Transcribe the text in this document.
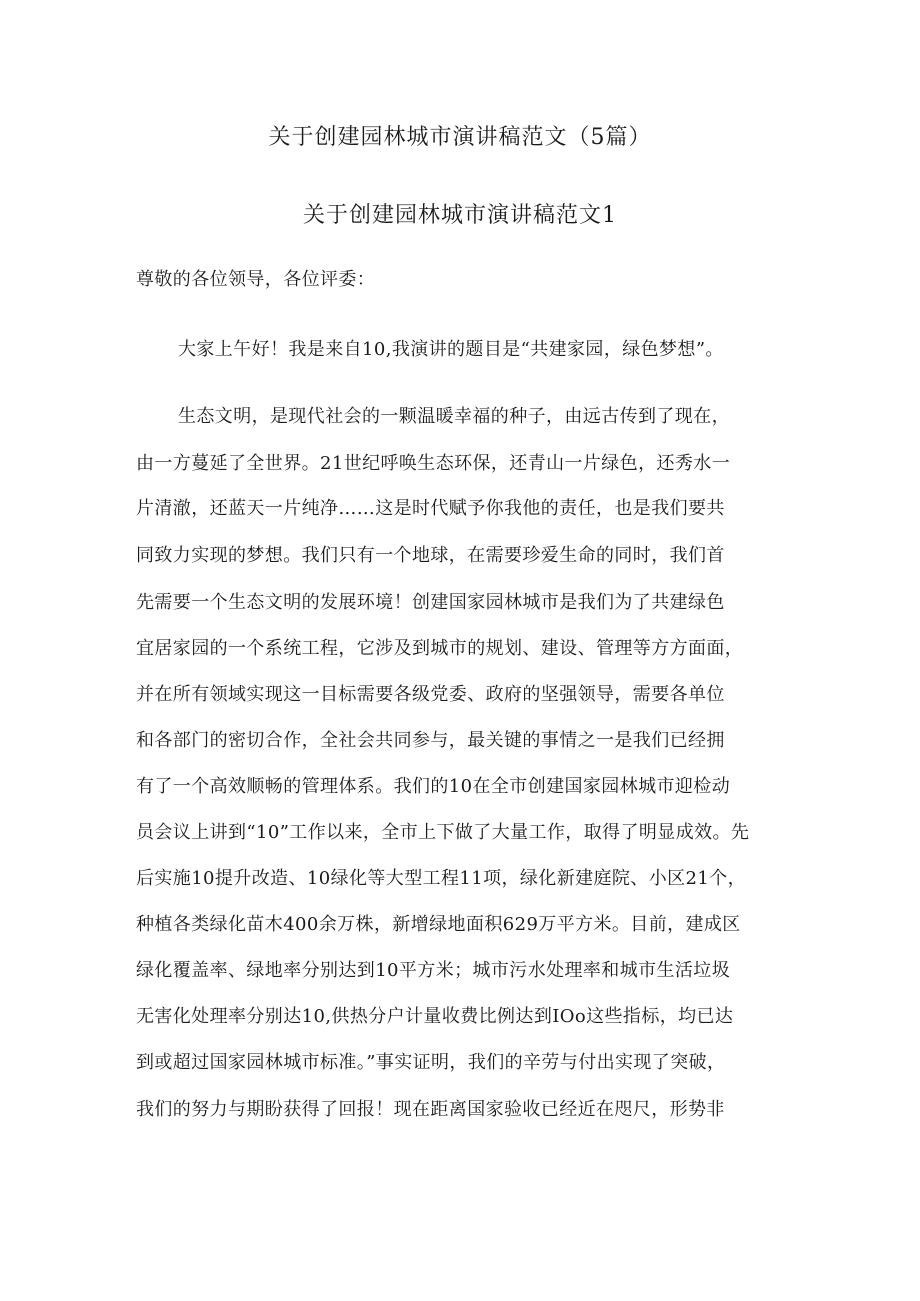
关于创建园林城市演讲稿范文（5篇）
关于创建园林城市演讲稿范文1

尊敬的各位领导，各位评委：

大家上午好！我是来自10,我演讲的题目是“共建家园，绿色梦想”。

生态文明，是现代社会的一颗温暖幸福的种子，由远古传到了现在，

由一方蔓延了全世界。21世纪呼唤生态环保，还青山一片绿色，还秀水一

片清澈，还蓝天一片纯净……这是时代赋予你我他的责任，也是我们要共

同致力实现的梦想。我们只有一个地球，在需要珍爱生命的同时，我们首

先需要一个生态文明的发展环境！创建国家园林城市是我们为了共建绿色

宜居家园的一个系统工程，它涉及到城市的规划、建设、管理等方方面面，

并在所有领域实现这一目标需要各级党委、政府的坚强领导，需要各单位

和各部门的密切合作，全社会共同参与，最关键的事情之一是我们已经拥

有了一个高效顺畅的管理体系。我们的10在全市创建国家园林城市迎检动

员会议上讲到“10”工作以来，全市上下做了大量工作，取得了明显成效。先

后实施10提升改造、10绿化等大型工程11项，绿化新建庭院、小区21个，

种植各类绿化苗木400余万株，新增绿地面积629万平方米。目前，建成区

绿化覆盖率、绿地率分别达到10平方米；城市污水处理率和城市生活垃圾

无害化处理率分别达10,供热分户计量收费比例达到IOo这些指标，均已达

到或超过国家园林城市标准。”事实证明，我们的辛劳与付出实现了突破，

我们的努力与期盼获得了回报！现在距离国家验收已经近在咫尺，形势非
